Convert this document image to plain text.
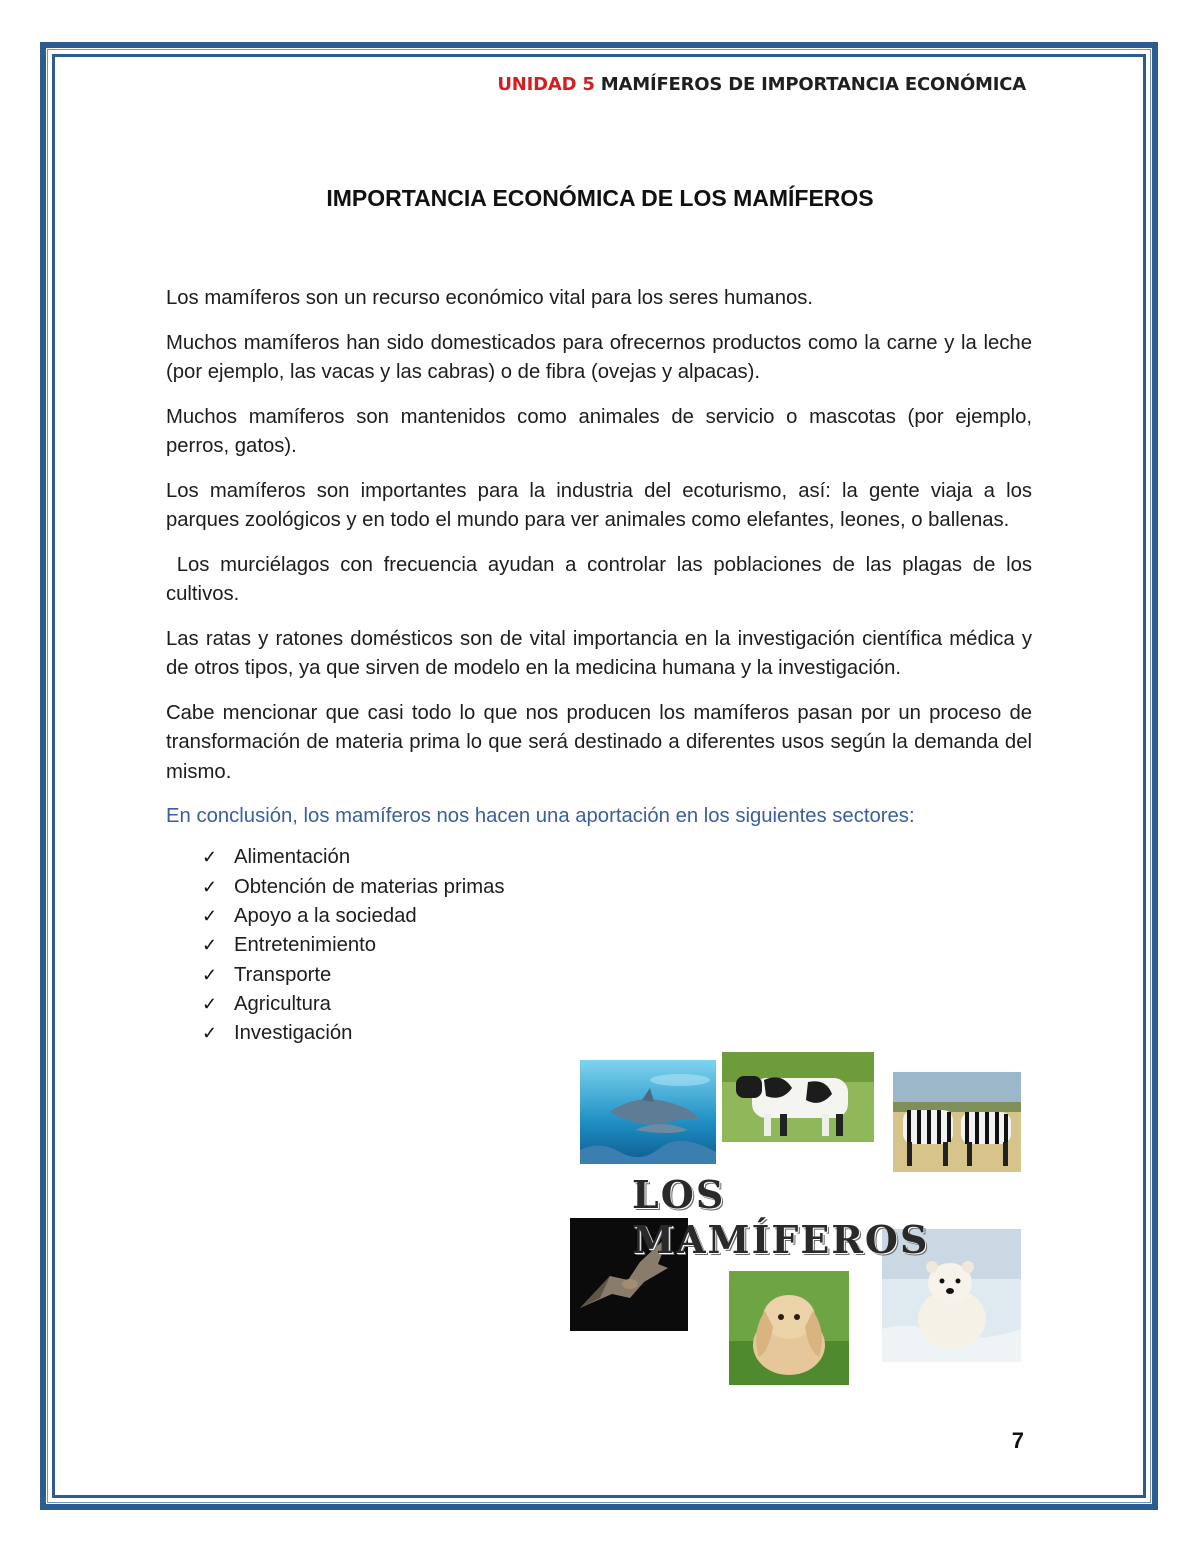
UNIDAD 5 MAMÍFEROS DE IMPORTANCIA ECONÓMICA
IMPORTANCIA ECONÓMICA DE LOS MAMÍFEROS

Los mamíferos son un recurso económico vital para los seres humanos.

Muchos mamíferos han sido domesticados para ofrecernos productos como la carne y la leche (por ejemplo, las vacas y las cabras) o de fibra (ovejas y alpacas).

Muchos mamíferos son mantenidos como animales de servicio o mascotas (por ejemplo, perros, gatos).

Los mamíferos son importantes para la industria del ecoturismo, así: la gente viaja a los parques zoológicos y en todo el mundo para ver animales como elefantes, leones, o ballenas.

Los murciélagos con frecuencia ayudan a controlar las poblaciones de las plagas de los cultivos.

Las ratas y ratones domésticos son de vital importancia en la investigación científica médica y de otros tipos, ya que sirven de modelo en la medicina humana y la investigación.

Cabe mencionar que casi todo lo que nos producen los mamíferos pasan por un proceso de transformación de materia prima lo que será destinado a diferentes usos según la demanda del mismo.

En conclusión, los mamíferos nos hacen una aportación en los siguientes sectores:

✓ Alimentación
✓ Obtención de materias primas
✓ Apoyo a la sociedad
✓ Entretenimiento
✓ Transporte
✓ Agricultura
✓ Investigación
LOS MAMÍFEROS
7
